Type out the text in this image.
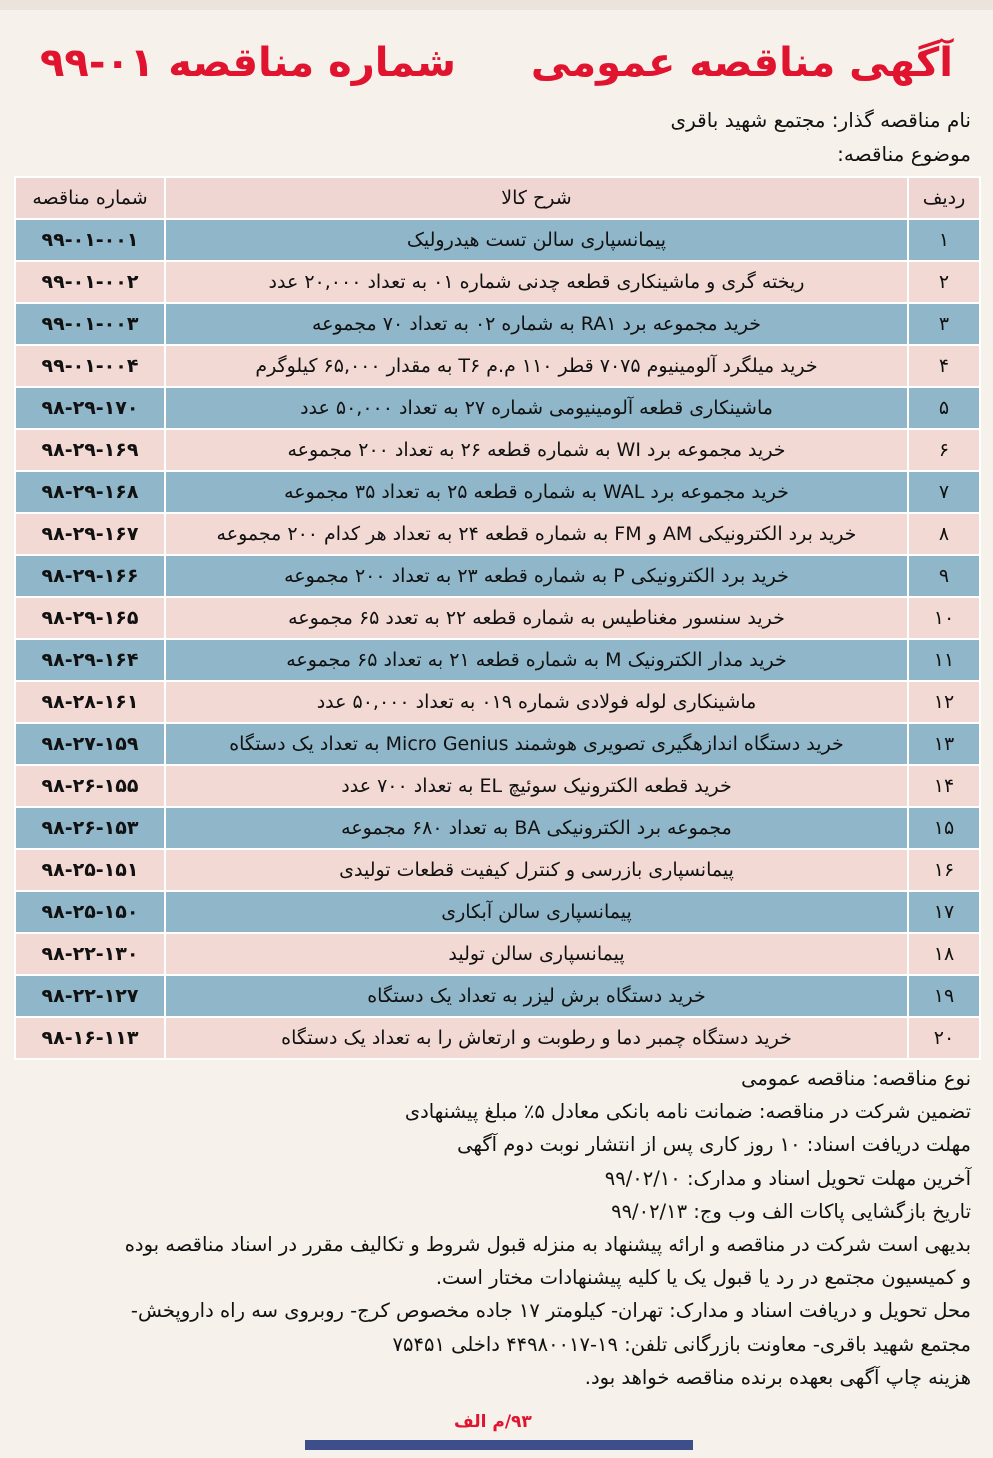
آگهی مناقصه عمومی
شماره مناقصه ۰۱-۹۹
نام مناقصه گذار: مجتمع شهید باقری
موضوع مناقصه:
ردیف	شرح کالا	شماره مناقصه
۱	پیمانسپاری سالن تست هیدرولیک	۹۹-۰۱-۰۰۱
۲	ریخته گری و ماشینکاری قطعه چدنی شماره ۰۱ به تعداد ۲۰,۰۰۰ عدد	۹۹-۰۱-۰۰۲
۳	خرید مجموعه برد RA۱ به شماره ۰۲ به تعداد ۷۰ مجموعه	۹۹-۰۱-۰۰۳
۴	خرید میلگرد آلومینیوم ۷۰۷۵ قطر ۱۱۰ م.م T۶ به مقدار ۶۵,۰۰۰ کیلوگرم	۹۹-۰۱-۰۰۴
۵	ماشینکاری قطعه آلومینیومی شماره ۲۷ به تعداد ۵۰,۰۰۰ عدد	۹۸-۲۹-۱۷۰
۶	خرید مجموعه برد WI به شماره قطعه ۲۶ به تعداد ۲۰۰ مجموعه	۹۸-۲۹-۱۶۹
۷	خرید مجموعه برد WAL به شماره قطعه ۲۵ به تعداد ۳۵ مجموعه	۹۸-۲۹-۱۶۸
۸	خرید برد الکترونیکی AM و FM به شماره قطعه ۲۴ به تعداد هر کدام ۲۰۰ مجموعه	۹۸-۲۹-۱۶۷
۹	خرید برد الکترونیکی P به شماره قطعه ۲۳ به تعداد ۲۰۰ مجموعه	۹۸-۲۹-۱۶۶
۱۰	خرید سنسور مغناطیس به شماره قطعه ۲۲ به تعدد ۶۵ مجموعه	۹۸-۲۹-۱۶۵
۱۱	خرید مدار الکترونیک M به شماره قطعه ۲۱ به تعداد ۶۵ مجموعه	۹۸-۲۹-۱۶۴
۱۲	ماشینکاری لوله فولادی شماره ۰۱۹ به تعداد ۵۰,۰۰۰ عدد	۹۸-۲۸-۱۶۱
۱۳	خرید دستگاه اندازهگیری تصویری هوشمند Micro Genius به تعداد یک دستگاه	۹۸-۲۷-۱۵۹
۱۴	خرید قطعه الکترونیک سوئیچ EL به تعداد ۷۰۰ عدد	۹۸-۲۶-۱۵۵
۱۵	مجموعه برد الکترونیکی BA به تعداد ۶۸۰ مجموعه	۹۸-۲۶-۱۵۳
۱۶	پیمانسپاری بازرسی و کنترل کیفیت قطعات تولیدی	۹۸-۲۵-۱۵۱
۱۷	پیمانسپاری سالن آبکاری	۹۸-۲۵-۱۵۰
۱۸	پیمانسپاری سالن تولید	۹۸-۲۲-۱۳۰
۱۹	خرید دستگاه برش لیزر به تعداد یک دستگاه	۹۸-۲۲-۱۲۷
۲۰	خرید دستگاه چمبر دما و رطوبت و ارتعاش را به تعداد یک دستگاه	۹۸-۱۶-۱۱۳
نوع مناقصه: مناقصه عمومی
تضمین شرکت در مناقصه: ضمانت نامه بانکی معادل ۵٪ مبلغ پیشنهادی
مهلت دریافت اسناد: ۱۰ روز کاری پس از انتشار نوبت دوم آگهی
آخرین مهلت تحویل اسناد و مدارک: ۹۹/۰۲/۱۰
تاریخ بازگشایی پاکات الف وب وج: ۹۹/۰۲/۱۳
بدیهی است شرکت در مناقصه و ارائه پیشنهاد به منزله قبول شروط و تکالیف مقرر در اسناد مناقصه بوده
و کمیسیون مجتمع در رد یا قبول یک یا کلیه پیشنهادات مختار است.
محل تحویل و دریافت اسناد و مدارک: تهران- کیلومتر ۱۷ جاده مخصوص کرج- روبروی سه راه داروپخش-
مجتمع شهید باقری- معاونت بازرگانی تلفن: ۱۹-۴۴۹۸۰۰۱۷ داخلی ۷۵۴۵۱
هزینه چاپ آگهی بعهده برنده مناقصه خواهد بود.
۹۳/م الف
